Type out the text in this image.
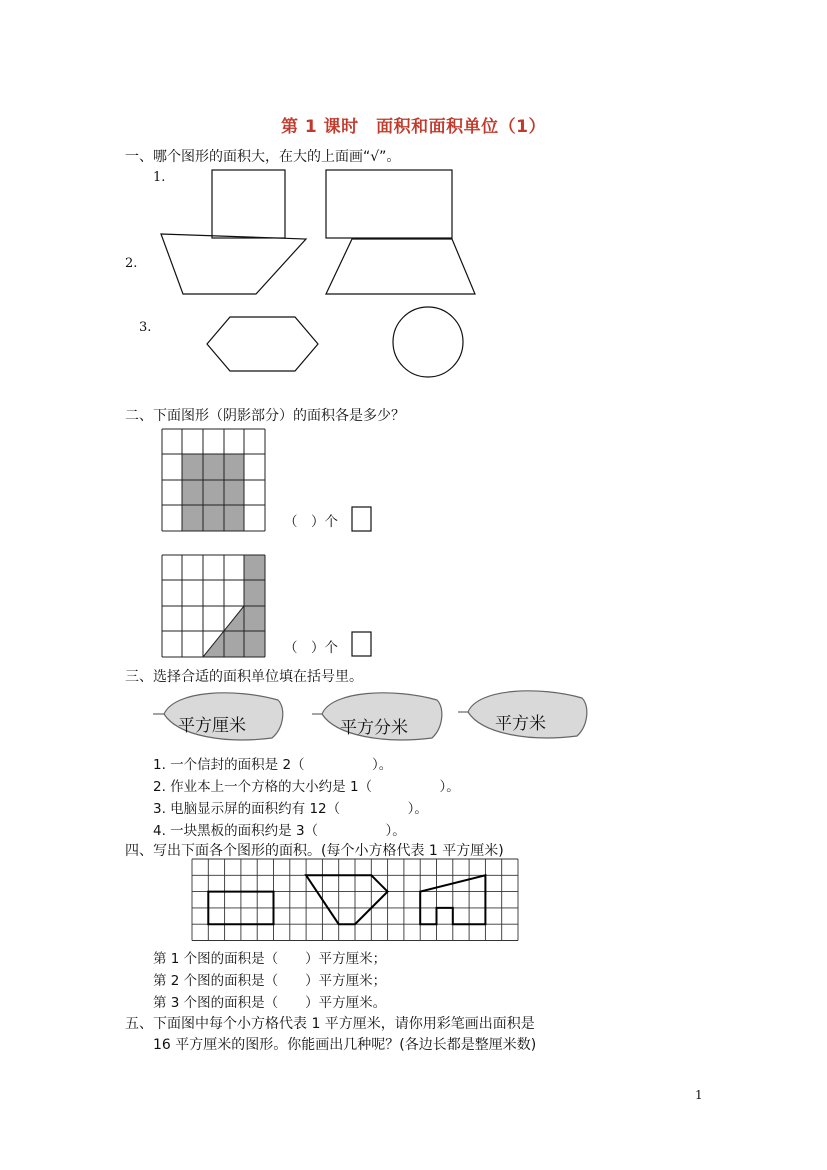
第 1 课时　面积和面积单位（1）
一、哪个图形的面积大，在大的上面画“√”。
1.
2.
3.
二、下面图形（阴影部分）的面积各是多少？
（　）个
（　）个
三、选择合适的面积单位填在括号里。
平方厘米	平方分米	平方米
1. 一个信封的面积是 2（　　　　　）。
2. 作业本上一个方格的大小约是 1（　　　　　）。
3. 电脑显示屏的面积约有 12（　　　　　）。
4. 一块黑板的面积约是 3（　　　　　）。
四、写出下面各个图形的面积。(每个小方格代表 1 平方厘米)
第 1 个图的面积是（　　）平方厘米；
第 2 个图的面积是（　　）平方厘米；
第 3 个图的面积是（　　）平方厘米。
五、下面图中每个小方格代表 1 平方厘米，请你用彩笔画出面积是
16 平方厘米的图形。你能画出几种呢？(各边长都是整厘米数)
1
